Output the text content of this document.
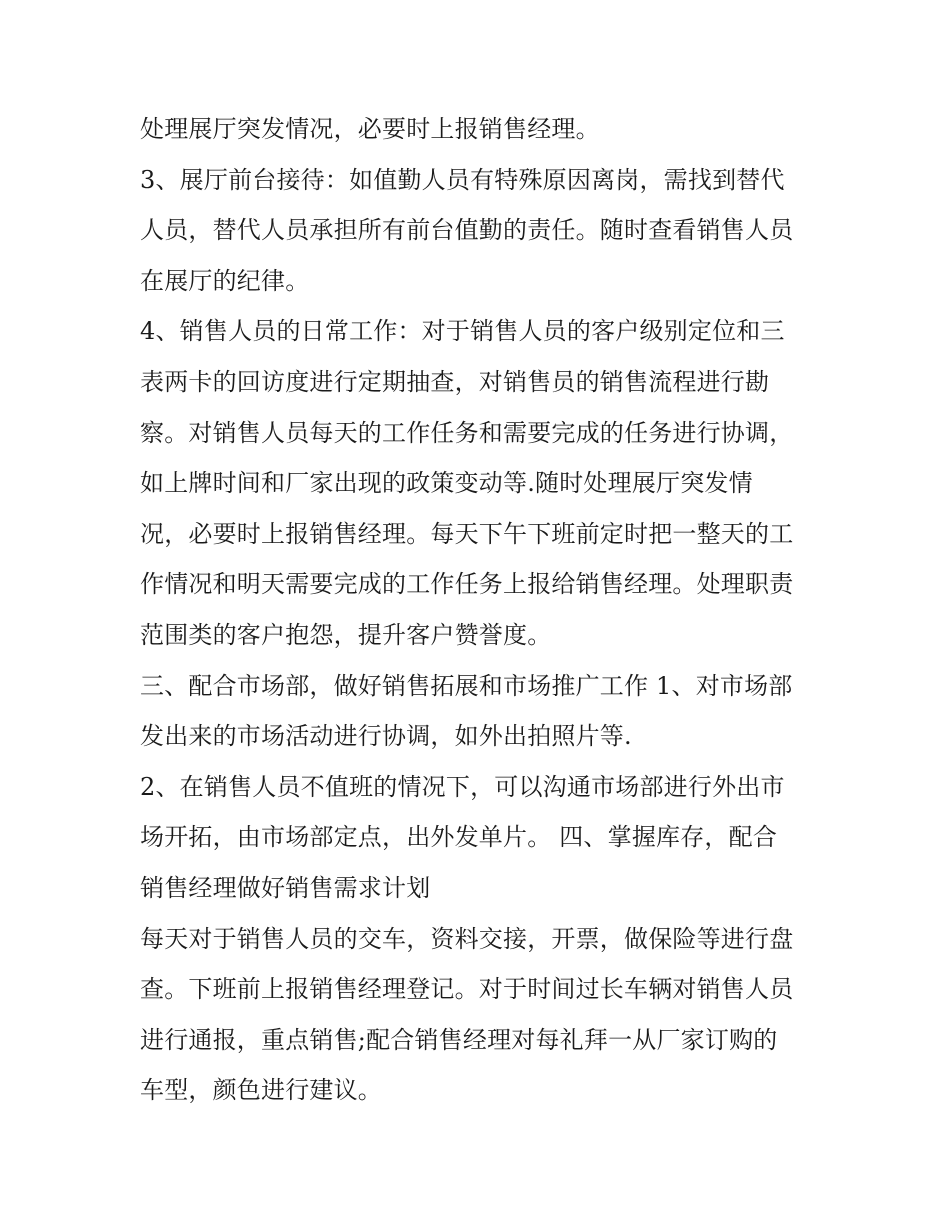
处理展厅突发情况，必要时上报销售经理。
3、展厅前台接待：如值勤人员有特殊原因离岗，需找到替代
人员，替代人员承担所有前台值勤的责任。随时查看销售人员
在展厅的纪律。
4、销售人员的日常工作：对于销售人员的客户级别定位和三
表两卡的回访度进行定期抽查，对销售员的销售流程进行勘
察。对销售人员每天的工作任务和需要完成的任务进行协调，
如上牌时间和厂家出现的政策变动等.随时处理展厅突发情
况，必要时上报销售经理。每天下午下班前定时把一整天的工
作情况和明天需要完成的工作任务上报给销售经理。处理职责
范围类的客户抱怨，提升客户赞誉度。
三、配合市场部，做好销售拓展和市场推广工作 1、对市场部
发出来的市场活动进行协调，如外出拍照片等.
2、在销售人员不值班的情况下，可以沟通市场部进行外出市
场开拓，由市场部定点，出外发单片。 四、掌握库存，配合
销售经理做好销售需求计划
每天对于销售人员的交车，资料交接，开票，做保险等进行盘
查。下班前上报销售经理登记。对于时间过长车辆对销售人员
进行通报，重点销售;配合销售经理对每礼拜一从厂家订购的
车型，颜色进行建议。
